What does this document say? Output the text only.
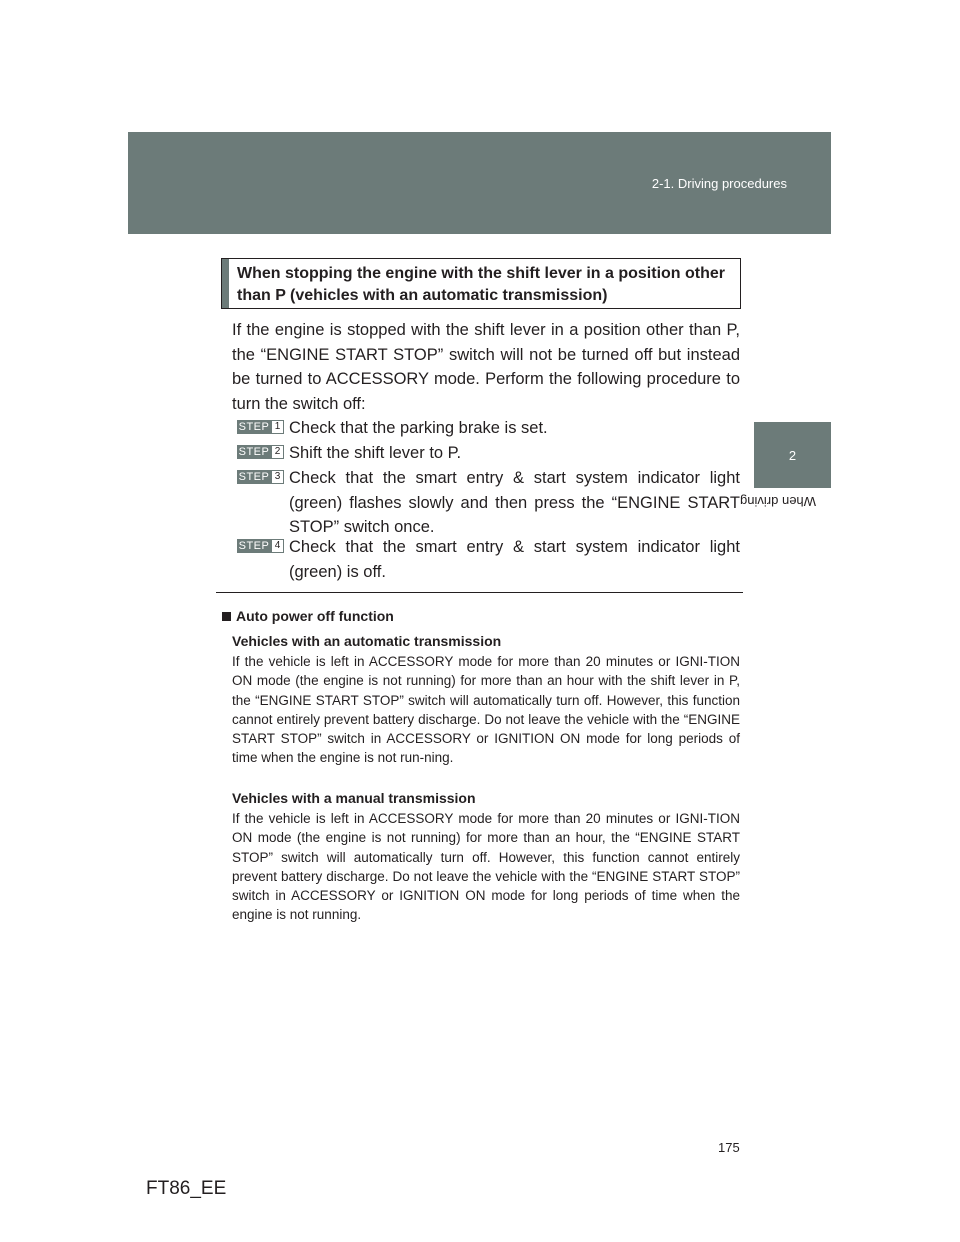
2-1. Driving procedures
2
When driving
When stopping the engine with the shift lever in a position other than P (vehicles with an automatic transmission)
If the engine is stopped with the shift lever in a position other than P, the “ENGINE START STOP” switch will not be turned off but instead be turned to ACCESSORY mode. Perform the following procedure to turn the switch off:
STEP 1 Check that the parking brake is set.
STEP 2 Shift the shift lever to P.
STEP 3 Check that the smart entry & start system indicator light (green) flashes slowly and then press the “ENGINE START STOP” switch once.
STEP 4 Check that the smart entry & start system indicator light (green) is off.
Auto power off function
Vehicles with an automatic transmission
If the vehicle is left in ACCESSORY mode for more than 20 minutes or IGNI-TION ON mode (the engine is not running) for more than an hour with the shift lever in P, the “ENGINE START STOP” switch will automatically turn off. However, this function cannot entirely prevent battery discharge. Do not leave the vehicle with the “ENGINE START STOP” switch in ACCESSORY or IGNITION ON mode for long periods of time when the engine is not run-ning.
Vehicles with a manual transmission
If the vehicle is left in ACCESSORY mode for more than 20 minutes or IGNI-TION ON mode (the engine is not running) for more than an hour, the “ENGINE START STOP” switch will automatically turn off. However, this function cannot entirely prevent battery discharge. Do not leave the vehicle with the “ENGINE START STOP” switch in ACCESSORY or IGNITION ON mode for long periods of time when the engine is not running.
175
FT86_EE
